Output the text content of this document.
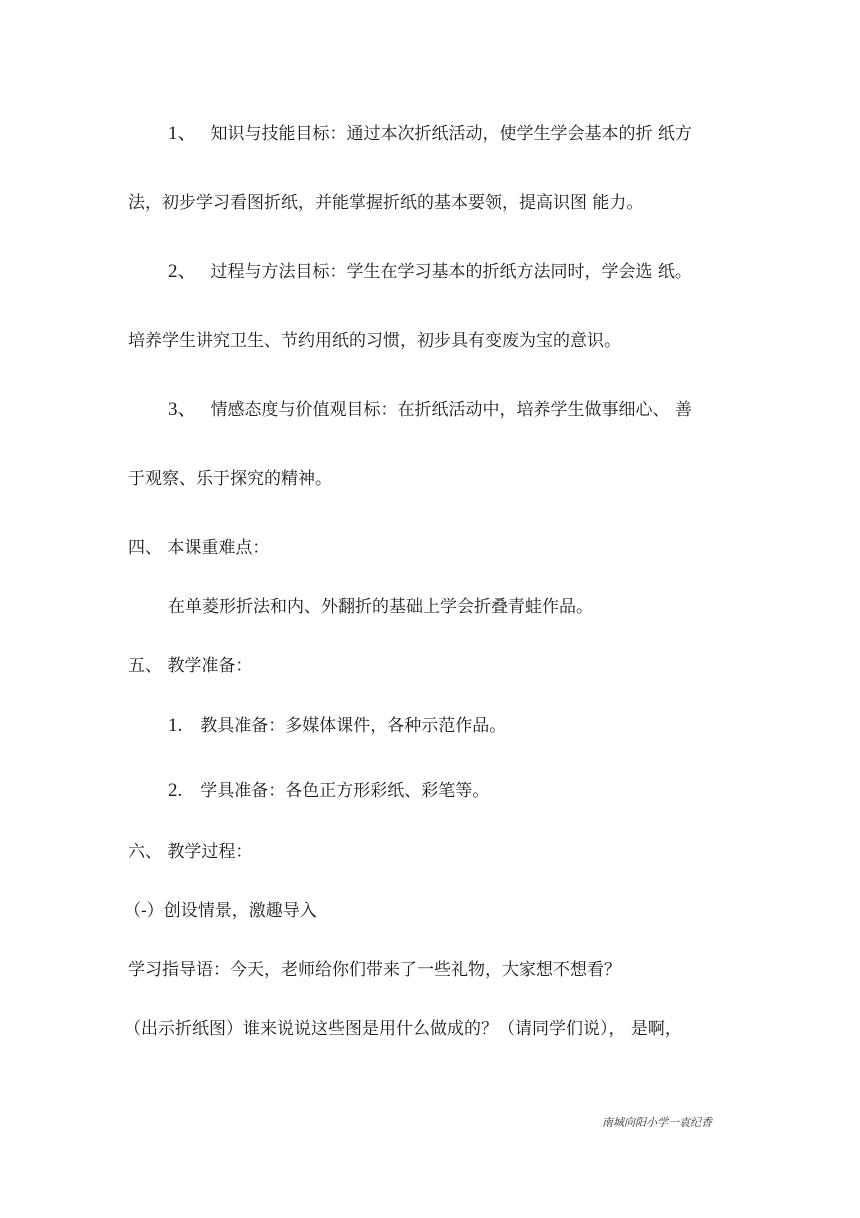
1、 知识与技能目标：通过本次折纸活动，使学生学会基本的折 纸方
法，初步学习看图折纸，并能掌握折纸的基本要领，提高识图 能力。
2、 过程与方法目标：学生在学习基本的折纸方法同时，学会选 纸。
培养学生讲究卫生、节约用纸的习惯，初步具有变废为宝的意识。
3、 情感态度与价值观目标：在折纸活动中，培养学生做事细心、 善
于观察、乐于探究的精神。
四、 本课重难点：
在单菱形折法和内、外翻折的基础上学会折叠青蛙作品。
五、 教学准备：
1. 教具准备：多媒体课件，各种示范作品。
2. 学具准备：各色正方形彩纸、彩笔等。
六、 教学过程：
（-）创设情景，激趣导入
学习指导语：今天，老师给你们带来了一些礼物，大家想不想看？
（出示折纸图）谁来说说这些图是用什么做成的？（请同学们说）， 是啊，
南城向阳小学一袁纪香
